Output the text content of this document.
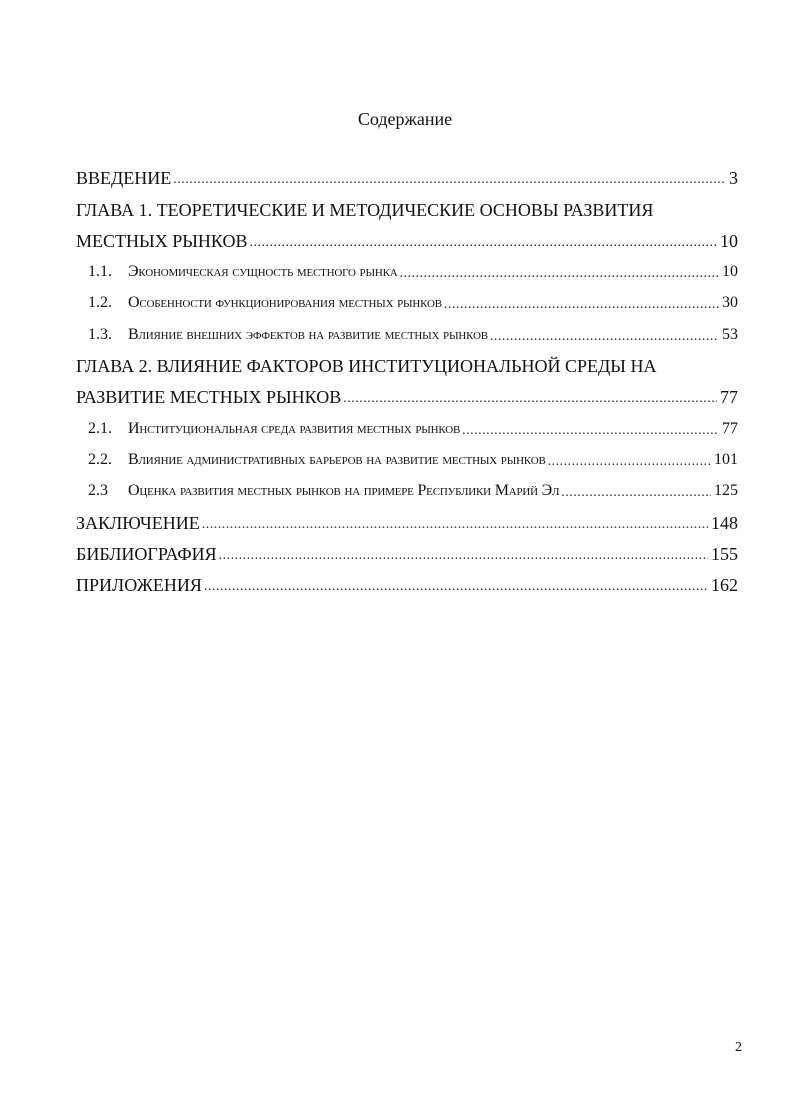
Содержание
ВВЕДЕНИЕ .....	3
ГЛАВА 1. ТЕОРЕТИЧЕСКИЕ И МЕТОДИЧЕСКИЕ ОСНОВЫ РАЗВИТИЯ
МЕСТНЫХ РЫНКОВ .....	10
1.1.	Экономическая сущность местного рынка .....	10
1.2.	Особенности функционирования местных рынков .....	30
1.3.	Влияние внешних эффектов на развитие местных рынков .....	53
ГЛАВА 2. ВЛИЯНИЕ ФАКТОРОВ ИНСТИТУЦИОНАЛЬНОЙ СРЕДЫ НА
РАЗВИТИЕ МЕСТНЫХ РЫНКОВ .....	77
2.1.	Институциональная среда развития местных рынков .....	77
2.2.	Влияние административных барьеров на развитие местных рынков .....	101
2.3	Оценка развития местных рынков на примере Республики Марий Эл .....	125
ЗАКЛЮЧЕНИЕ .....	148
БИБЛИОГРАФИЯ .....	155
ПРИЛОЖЕНИЯ .....	162
2
